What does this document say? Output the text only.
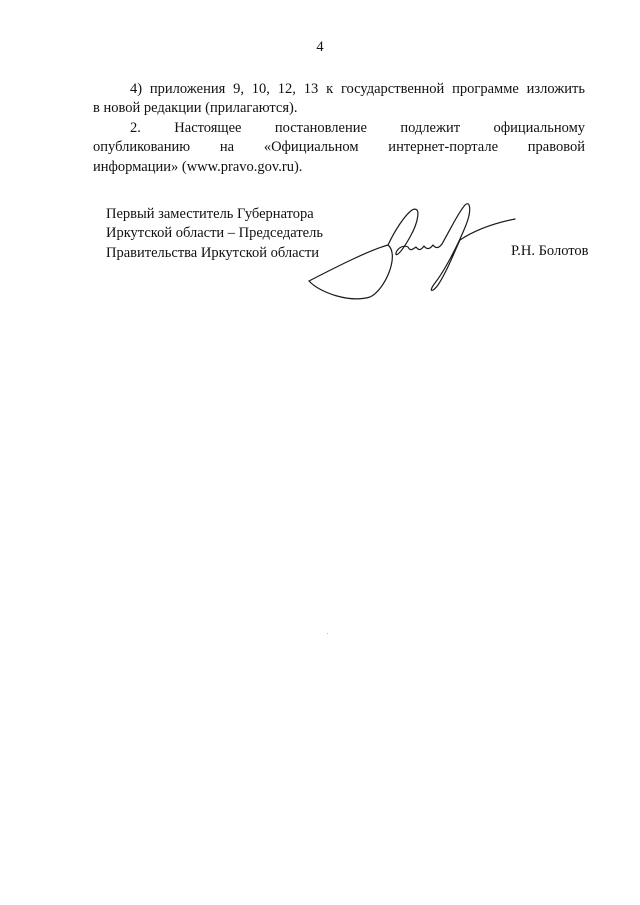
4

4) приложения 9, 10, 12, 13 к государственной программе изложить
в новой редакции (прилагаются).

2. Настоящее постановление подлежит официальному
опубликованию на «Официальном интернет-портале правовой
информации» (www.pravo.gov.ru).

Первый заместитель Губернатора
Иркутской области – Председатель
Правительства Иркутской области	Р.Н. Болотов
